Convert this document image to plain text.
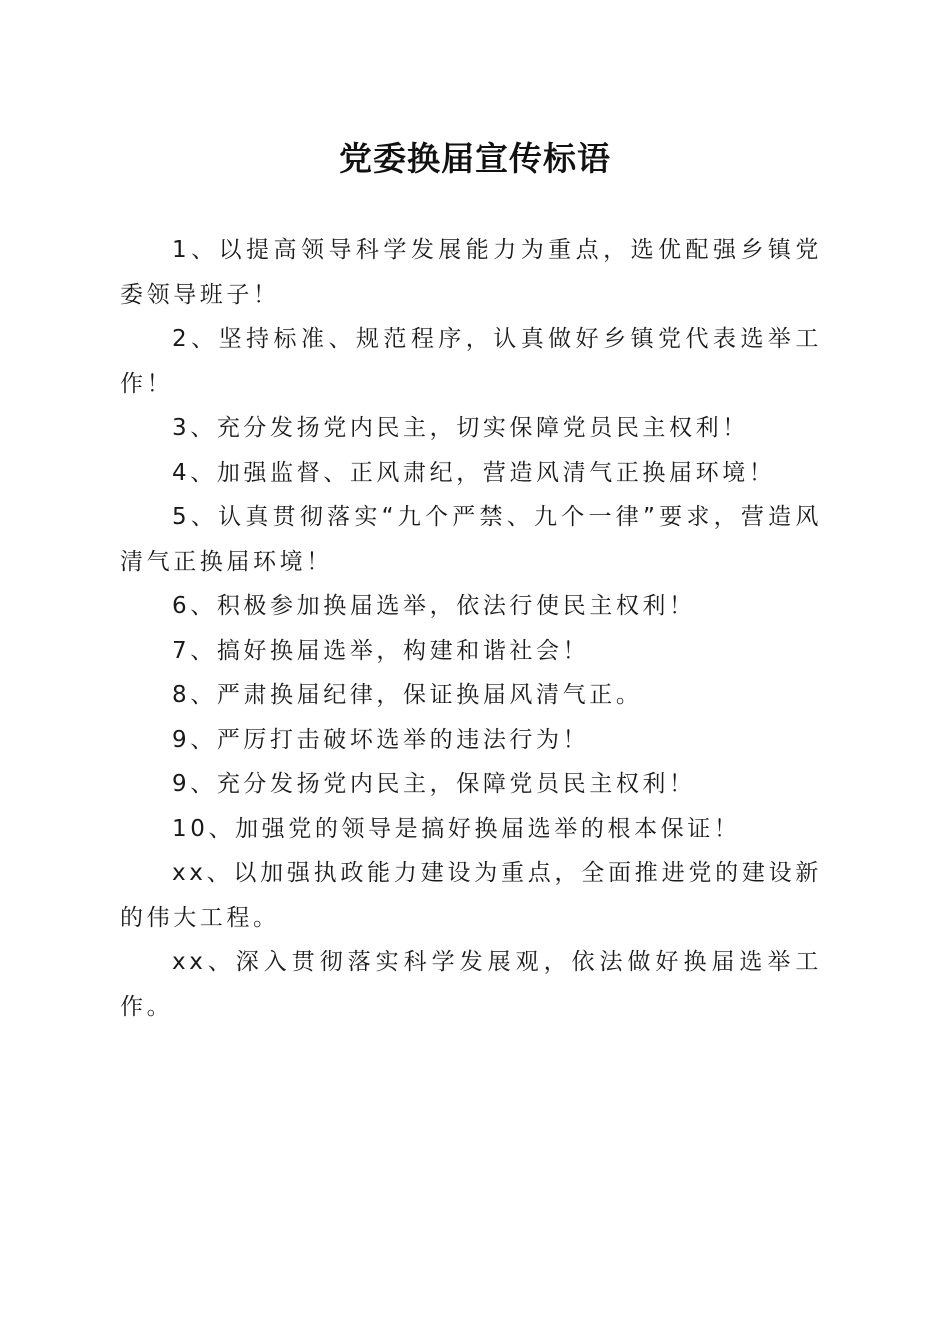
党委换届宣传标语

1、以提高领导科学发展能力为重点，选优配强乡镇党委领导班子！

2、坚持标准、规范程序，认真做好乡镇党代表选举工作！

3、充分发扬党内民主，切实保障党员民主权利！

4、加强监督、正风肃纪，营造风清气正换届环境！

5、认真贯彻落实“九个严禁、九个一律”要求，营造风清气正换届环境！

6、积极参加换届选举，依法行使民主权利！

7、搞好换届选举，构建和谐社会！

8、严肃换届纪律，保证换届风清气正。

9、严厉打击破坏选举的违法行为！

9、充分发扬党内民主，保障党员民主权利！

10、加强党的领导是搞好换届选举的根本保证！

xx、以加强执政能力建设为重点，全面推进党的建设新的伟大工程。

xx、深入贯彻落实科学发展观，依法做好换届选举工作。
